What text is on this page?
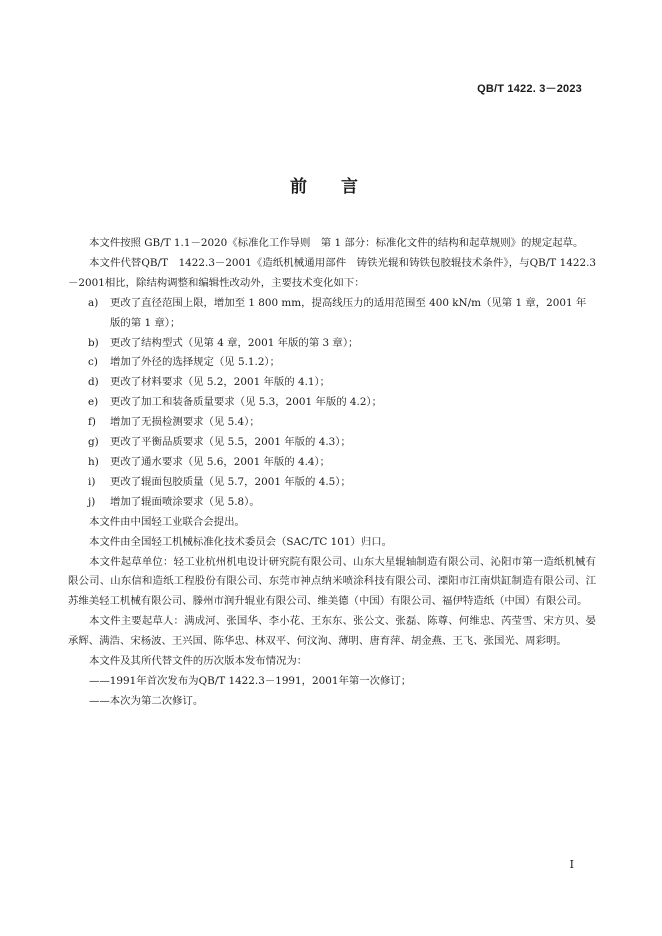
QB/T 1422. 3－2023
前 言

本文件按照 GB/T 1.1－2020《标准化工作导则　第 1 部分：标准化文件的结构和起草规则》的规定起草。

本文件代替QB/T　1422.3－2001《造纸机械通用部件　铸铁光辊和铸铁包胶辊技术条件》，与QB/T 1422.3－2001相比，除结构调整和编辑性改动外，主要技术变化如下：

a) 更改了直径范围上限，增加至 1 800 mm，提高线压力的适用范围至 400 kN/m（见第 1 章，2001 年版的第 1 章）；

b) 更改了结构型式（见第 4 章，2001 年版的第 3 章）；

c) 增加了外径的选择规定（见 5.1.2）；

d) 更改了材料要求（见 5.2，2001 年版的 4.1）；

e) 更改了加工和装备质量要求（见 5.3，2001 年版的 4.2）；

f) 增加了无损检测要求（见 5.4）；

g) 更改了平衡品质要求（见 5.5，2001 年版的 4.3）；

h) 更改了通水要求（见 5.6，2001 年版的 4.4）；

i) 更改了辊面包胶质量（见 5.7，2001 年版的 4.5）；

j) 增加了辊面喷涂要求（见 5.8）。

本文件由中国轻工业联合会提出。

本文件由全国轻工机械标准化技术委员会（SAC/TC 101）归口。

本文件起草单位：轻工业杭州机电设计研究院有限公司、山东大星辊轴制造有限公司、沁阳市第一造纸机械有限公司、山东信和造纸工程股份有限公司、东莞市神点纳米喷涂科技有限公司、溧阳市江南烘缸制造有限公司、江苏维美轻工机械有限公司、滕州市润升辊业有限公司、维美德（中国）有限公司、福伊特造纸（中国）有限公司。

本文件主要起草人：满成河、张国华、李小花、王东东、张公文、张磊、陈尊、何维忠、芮莹雪、宋方贝、晏承辉、满浩、宋杨波、王兴国、陈华忠、林双平、何汶洵、薄明、唐育萍、胡金燕、王飞、张国光、周彩明。

本文件及其所代替文件的历次版本发布情况为：

——1991年首次发布为QB/T 1422.3－1991，2001年第一次修订；

——本次为第二次修订。

I
